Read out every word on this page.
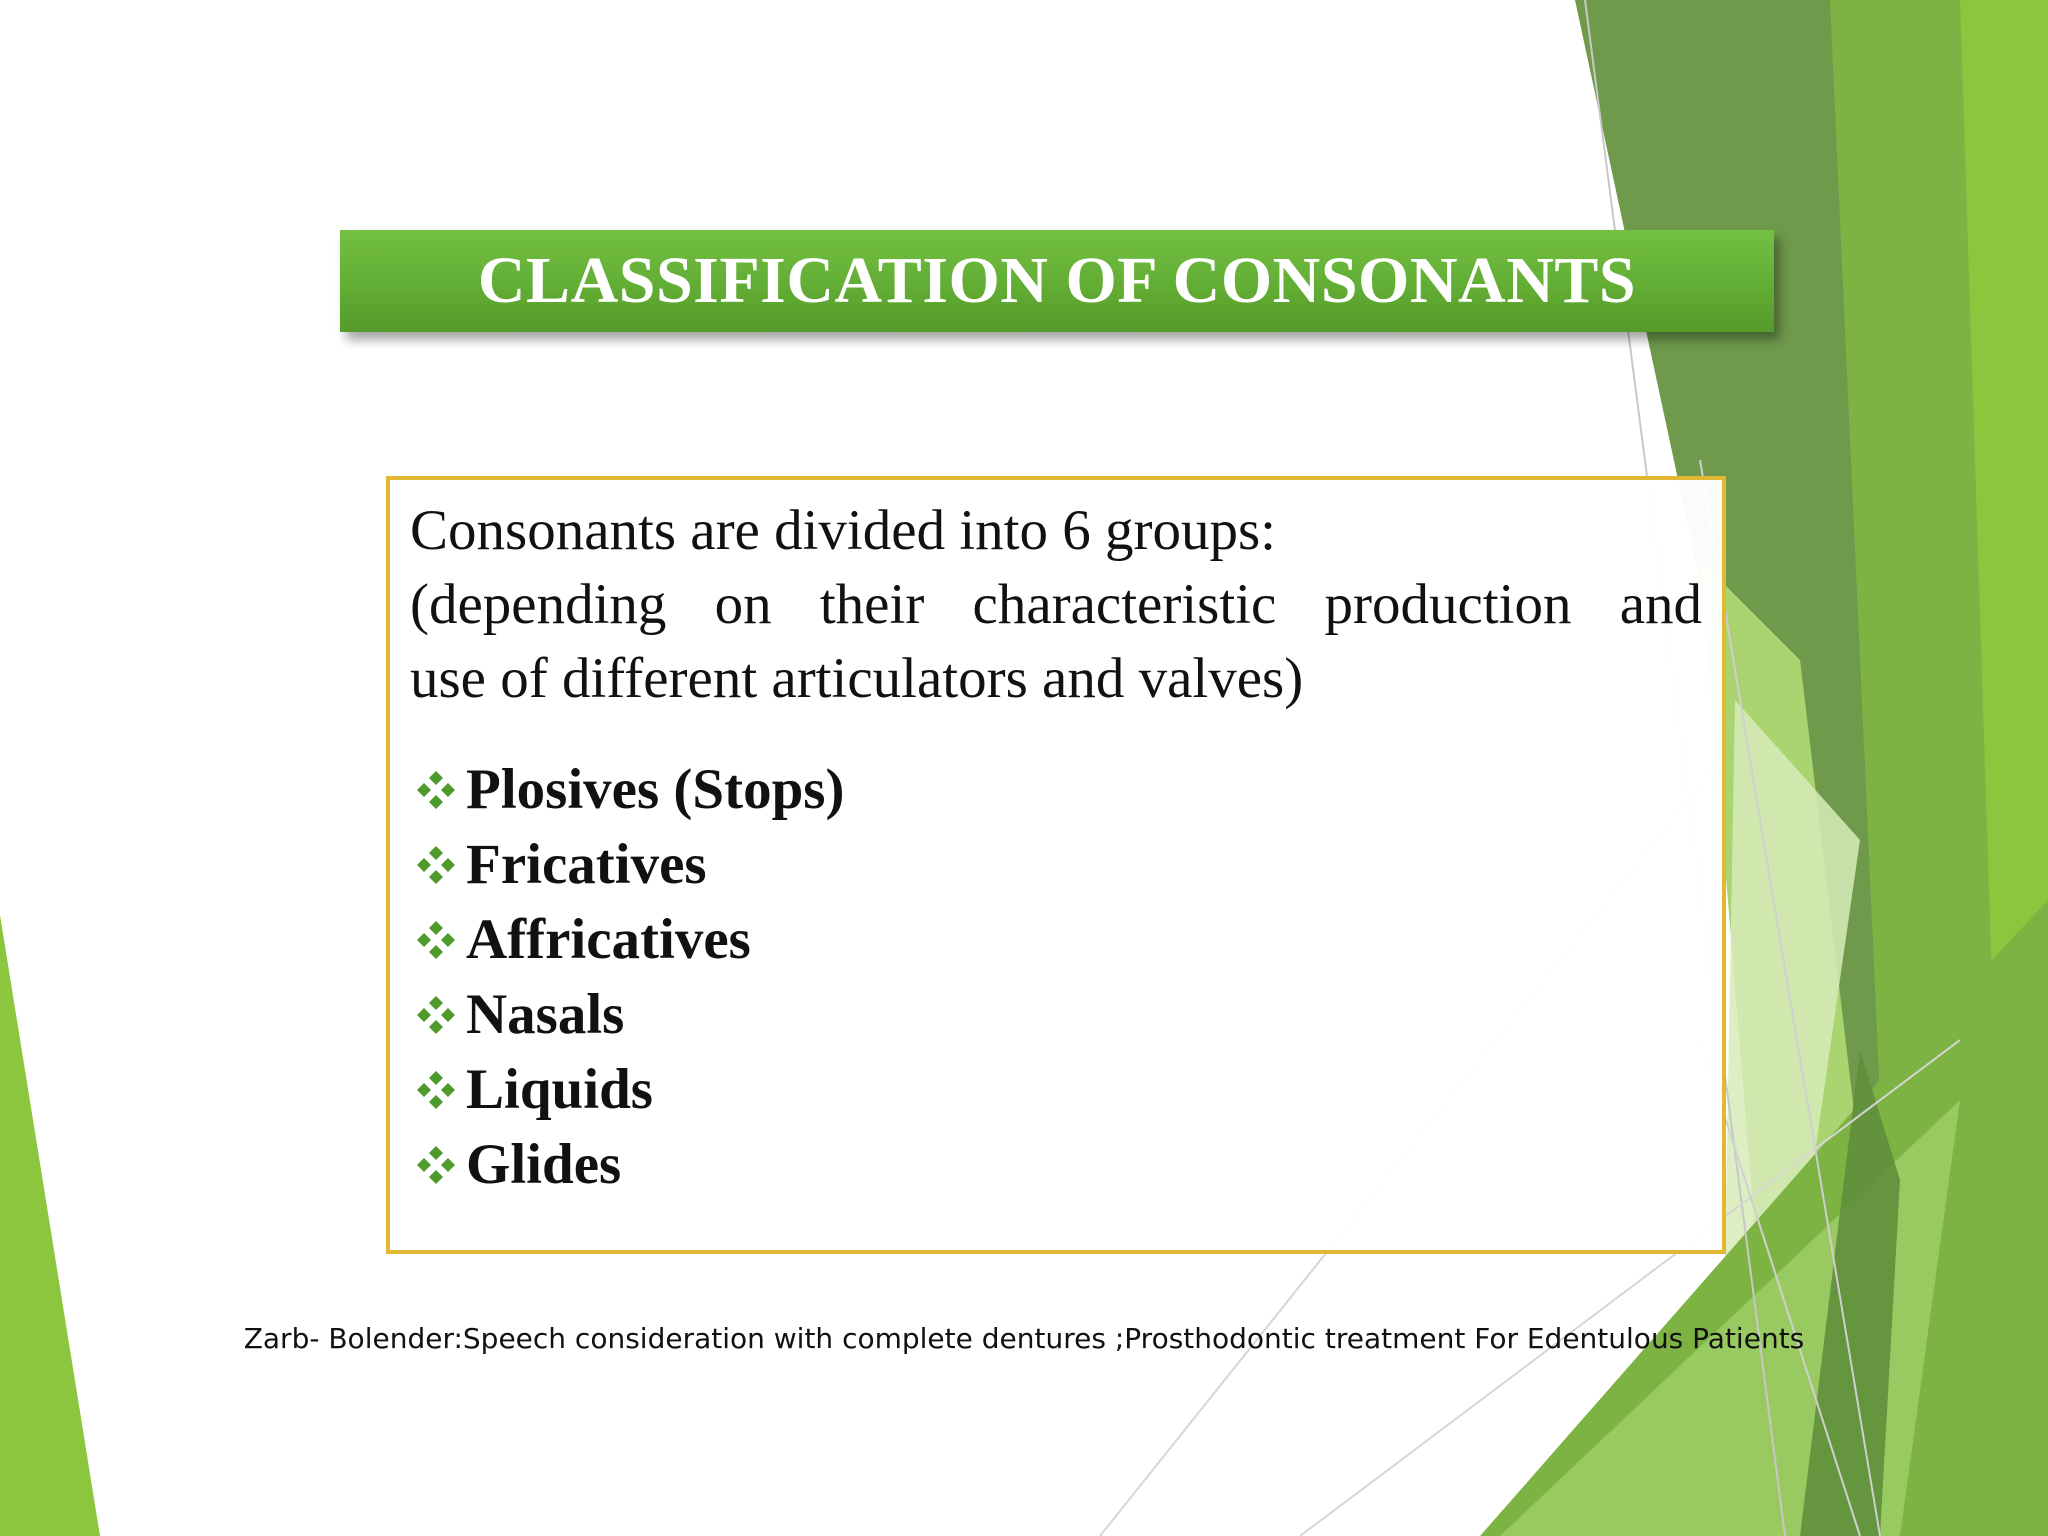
CLASSIFICATION OF CONSONANTS
Consonants are divided into 6 groups:
(depending on their characteristic production and
use of different articulators and valves)
Plosives (Stops)
Fricatives
Affricatives
Nasals
Liquids
Glides
Zarb- Bolender:Speech consideration with complete dentures ;Prosthodontic treatment For Edentulous Patients
